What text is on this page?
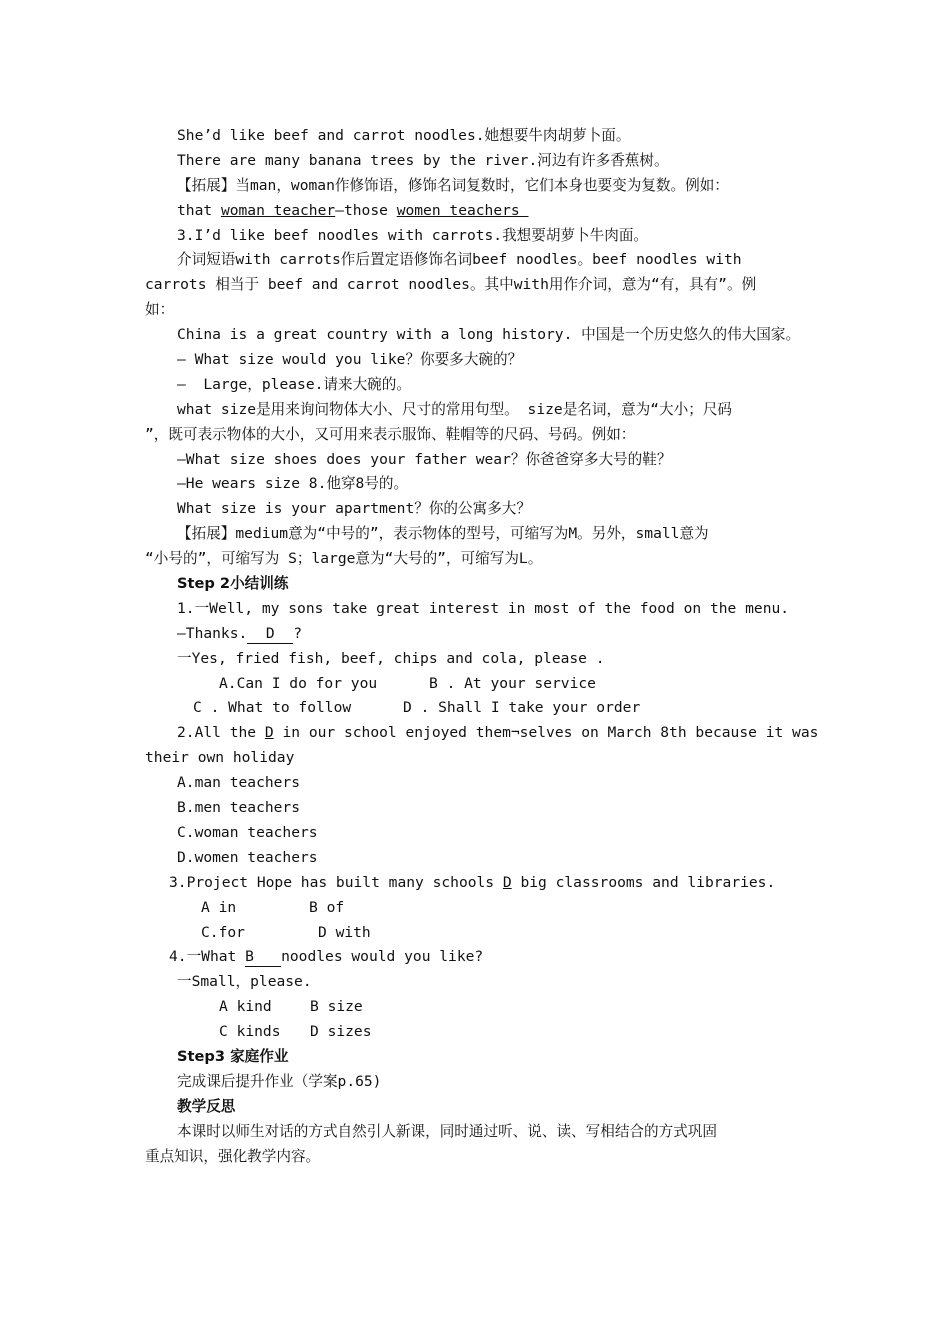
She’d like beef and carrot noodles.她想要牛肉胡萝卜面。
There are many banana trees by the river.河边有许多香蕉树。
【拓展】当man，woman作修饰语，修饰名词复数时，它们本身也要变为复数。例如：
that woman teacher—those women teachers
3.I’d like beef noodles with carrots.我想要胡萝卜牛肉面。
介词短语with carrots作后置定语修饰名词beef noodles。beef noodles with
carrots 相当于 beef and carrot noodles。其中with用作介词，意为“有，具有”。例
如：
China is a great country with a long history. 中国是一个历史悠久的伟大国家。
— What size would you like？你要多大碗的？
—  Large，please.请来大碗的。
what size是用来询问物体大小、尺寸的常用句型。 size是名词，意为“大小；尺码
”，既可表示物体的大小，又可用来表示服饰、鞋帽等的尺码、号码。例如：
—What size shoes does your father wear？你爸爸穿多大号的鞋？
—He wears size 8.他穿8号的。
What size is your apartment？你的公寓多大？
【拓展】medium意为“中号的”，表示物体的型号，可缩写为M。另外，small意为
“小号的”，可缩写为 S；large意为“大号的”，可缩写为L。
Step 2小结训练
1.一Well, my sons take great interest in most of the food on the menu.
—Thanks. D ?
一Yes, fried fish, beef, chips and cola, please .
A.Can I do for you	B . At your service
C . What to follow	D . Shall I take your order
2.All the D in our school enjoyed them¬selves on March 8th because it was
their own holiday
A.man teachers
B.men teachers
C.woman teachers
D.women teachers
3.Project Hope has built many schools D big classrooms and libraries.
A in	B of
C.for	D with
4.一What B noodles would you like?
一Small，please.
A kind	B size
C kinds D sizes
Step3 家庭作业
完成课后提升作业（学案p.65)
教学反思
本课时以师生对话的方式自然引人新课，同时通过听、说、读、写相结合的方式巩固
重点知识，强化教学内容。
